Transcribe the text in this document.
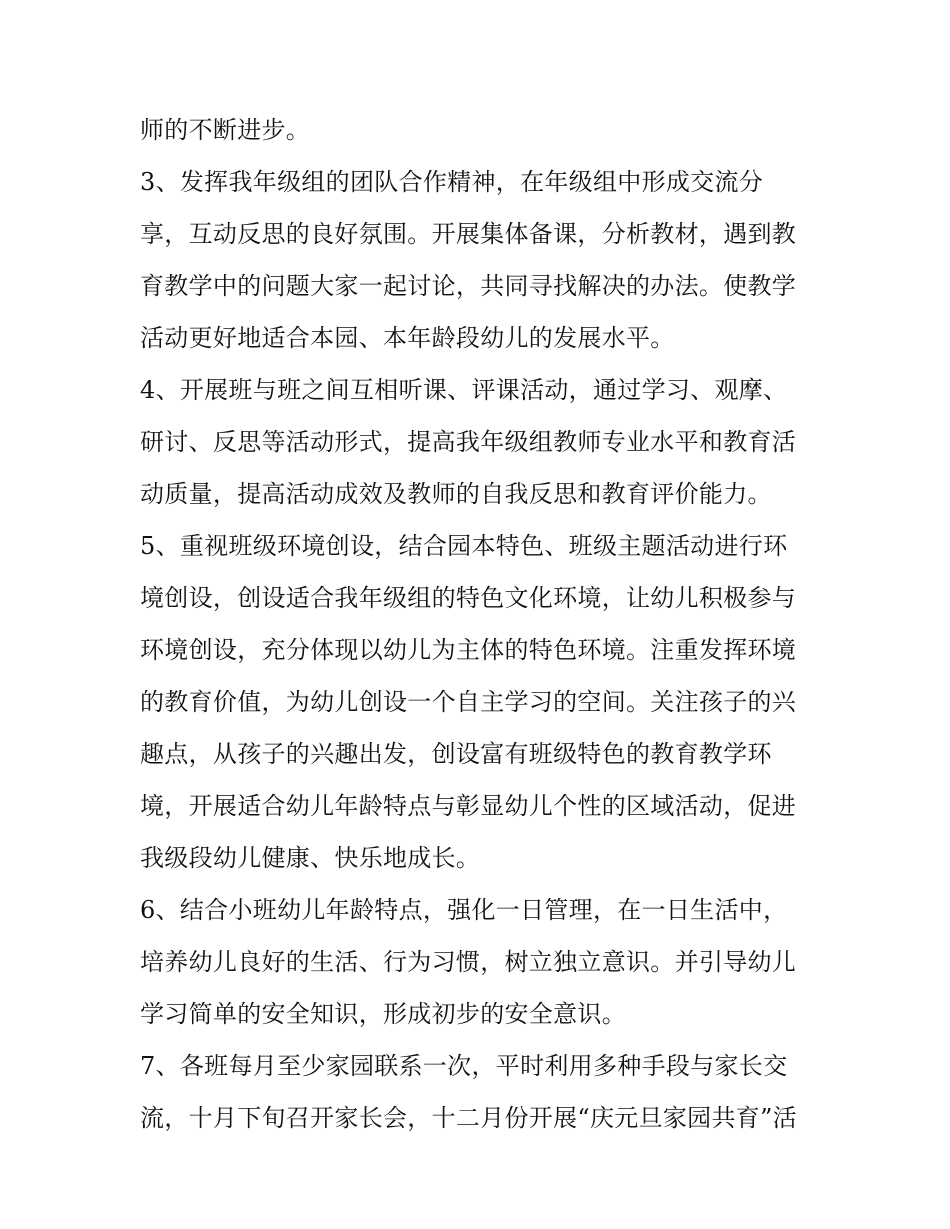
师的不断进步。
3、发挥我年级组的团队合作精神，在年级组中形成交流分
享，互动反思的良好氛围。开展集体备课，分析教材，遇到教
育教学中的问题大家一起讨论，共同寻找解决的办法。使教学
活动更好地适合本园、本年龄段幼儿的发展水平。
4、开展班与班之间互相听课、评课活动，通过学习、观摩、
研讨、反思等活动形式，提高我年级组教师专业水平和教育活
动质量，提高活动成效及教师的自我反思和教育评价能力。
5、重视班级环境创设，结合园本特色、班级主题活动进行环
境创设，创设适合我年级组的特色文化环境，让幼儿积极参与
环境创设，充分体现以幼儿为主体的特色环境。注重发挥环境
的教育价值，为幼儿创设一个自主学习的空间。关注孩子的兴
趣点，从孩子的兴趣出发，创设富有班级特色的教育教学环
境，开展适合幼儿年龄特点与彰显幼儿个性的区域活动，促进
我级段幼儿健康、快乐地成长。
6、结合小班幼儿年龄特点，强化一日管理，在一日生活中，
培养幼儿良好的生活、行为习惯，树立独立意识。并引导幼儿
学习简单的安全知识，形成初步的安全意识。
7、各班每月至少家园联系一次，平时利用多种手段与家长交
流，十月下旬召开家长会，十二月份开展“庆元旦家园共育”活
